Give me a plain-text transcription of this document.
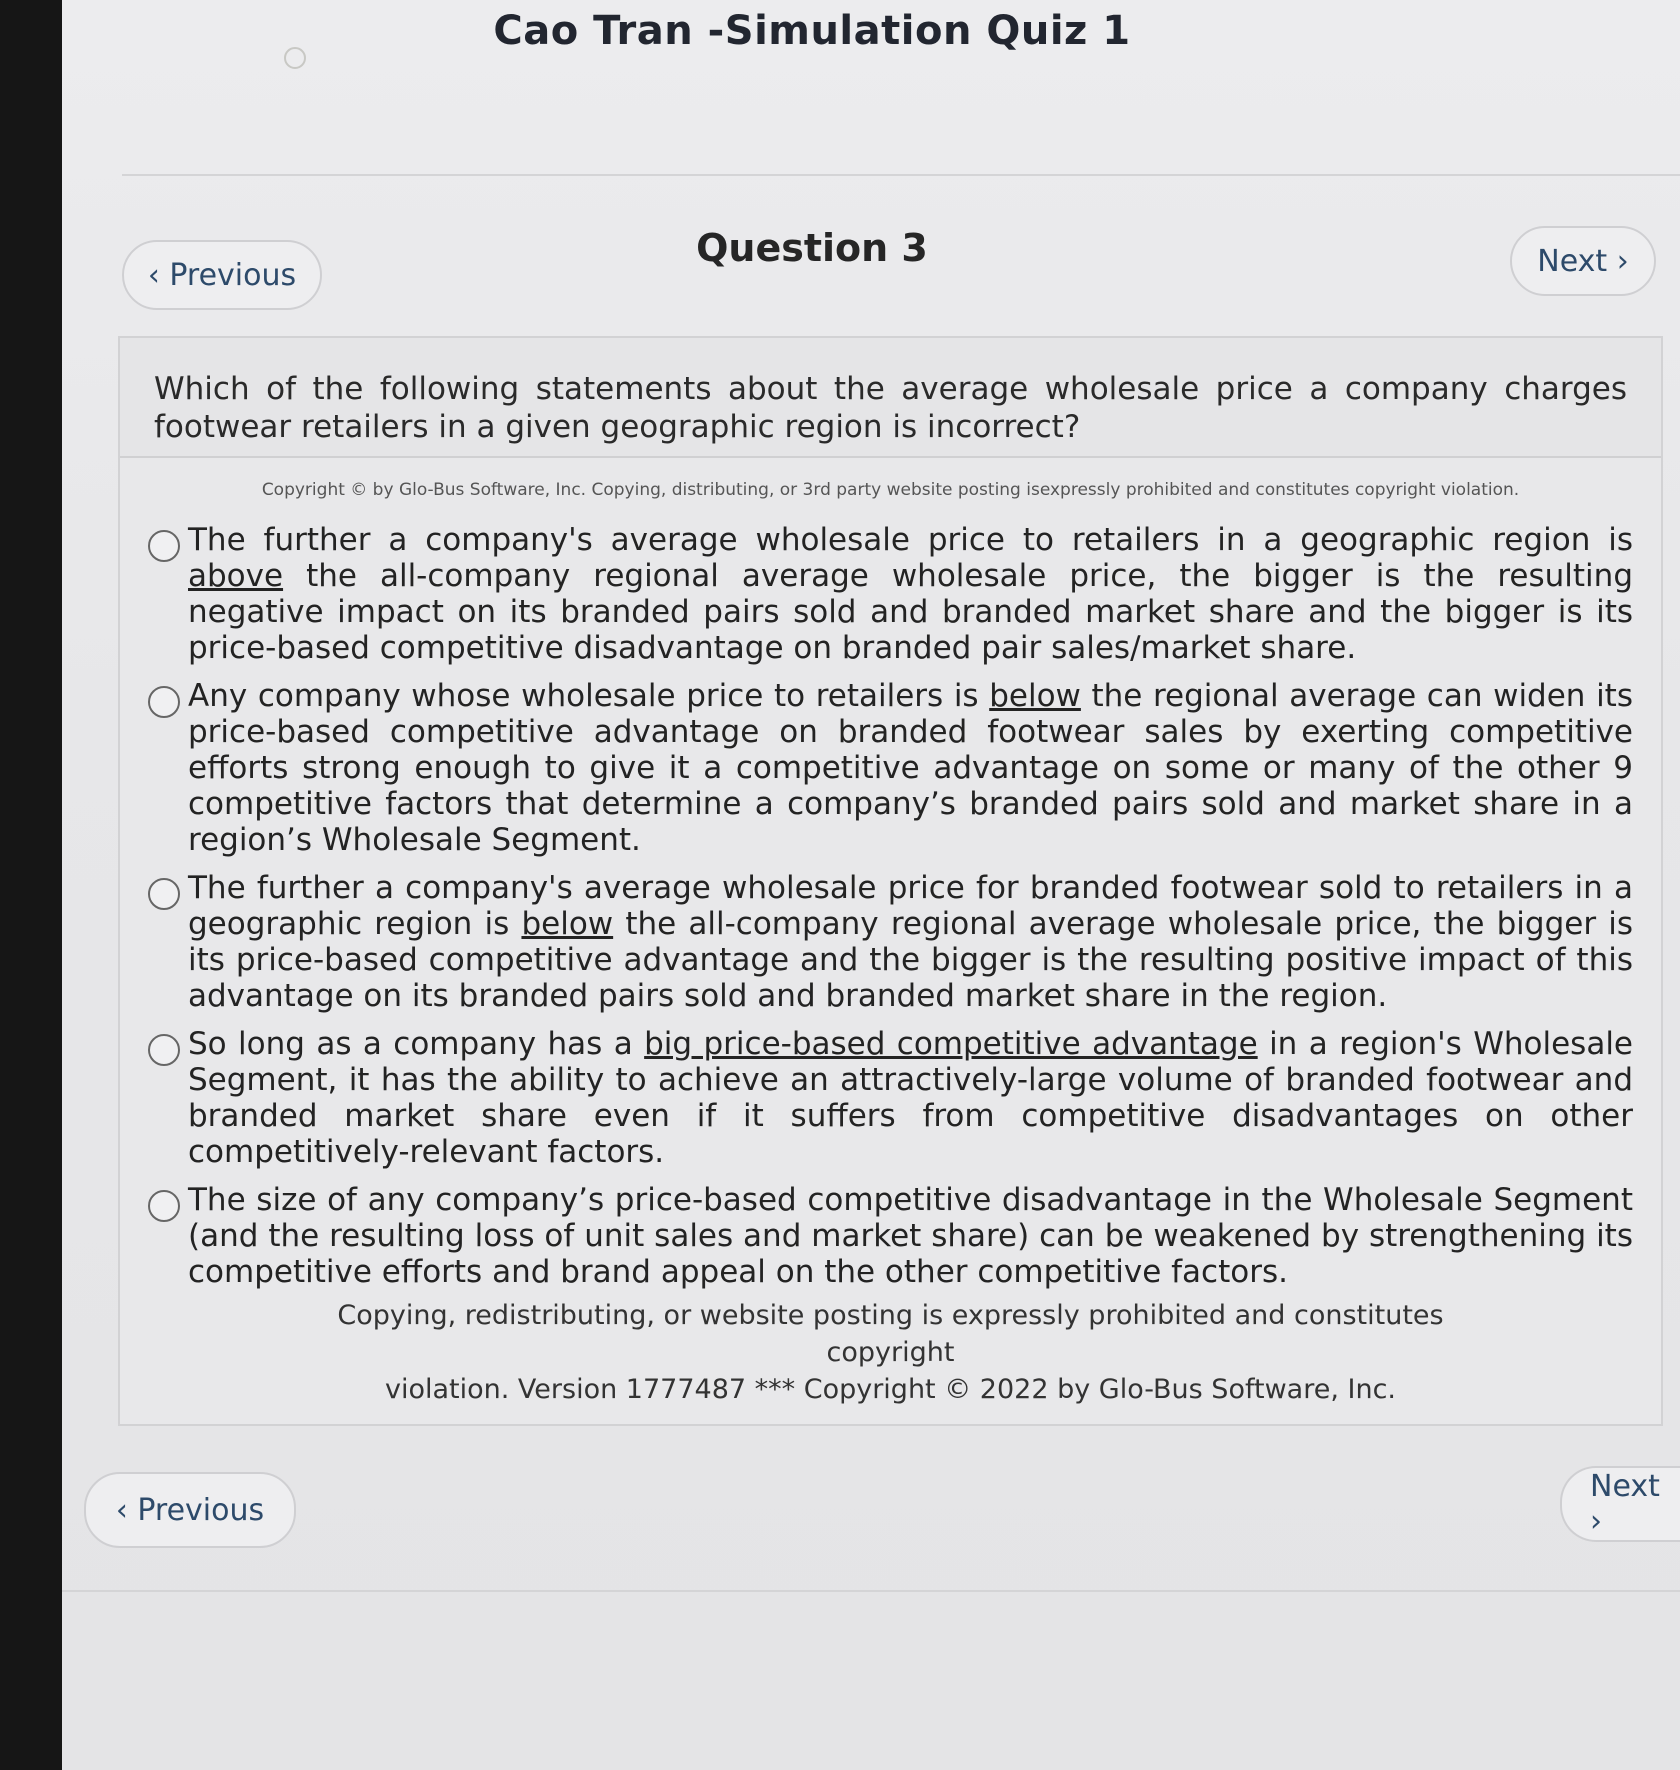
Cao Tran -Simulation Quiz 1
‹ Previous
Question 3	Next ›
Which of the following statements about the average wholesale price a company charges footwear retailers in a given geographic region is incorrect?
Copyright © by Glo-Bus Software, Inc. Copying, distributing, or 3rd party website posting isexpressly prohibited and constitutes copyright violation.
The further a company's average wholesale price to retailers in a geographic region is above the all-company regional average wholesale price, the bigger is the resulting negative impact on its branded pairs sold and branded market share and the bigger is its price-based competitive disadvantage on branded pair sales/market share.
Any company whose wholesale price to retailers is below the regional average can widen its price-based competitive advantage on branded footwear sales by exerting competitive efforts strong enough to give it a competitive advantage on some or many of the other 9 competitive factors that determine a company’s branded pairs sold and market share in a region’s Wholesale Segment.
The further a company's average wholesale price for branded footwear sold to retailers in a geographic region is below the all-company regional average wholesale price, the bigger is its price-based competitive advantage and the bigger is the resulting positive impact of this advantage on its branded pairs sold and branded market share in the region.
So long as a company has a big price-based competitive advantage in a region's Wholesale Segment, it has the ability to achieve an attractively-large volume of branded footwear and branded market share even if it suffers from competitive disadvantages on other competitively-relevant factors.
The size of any company’s price-based competitive disadvantage in the Wholesale Segment (and the resulting loss of unit sales and market share) can be weakened by strengthening its competitive efforts and brand appeal on the other competitive factors.
Copying, redistributing, or website posting is expressly prohibited and constitutes copyright
violation. Version 1777487 *** Copyright © 2022 by Glo-Bus Software, Inc.
‹ Previous
Next ›
